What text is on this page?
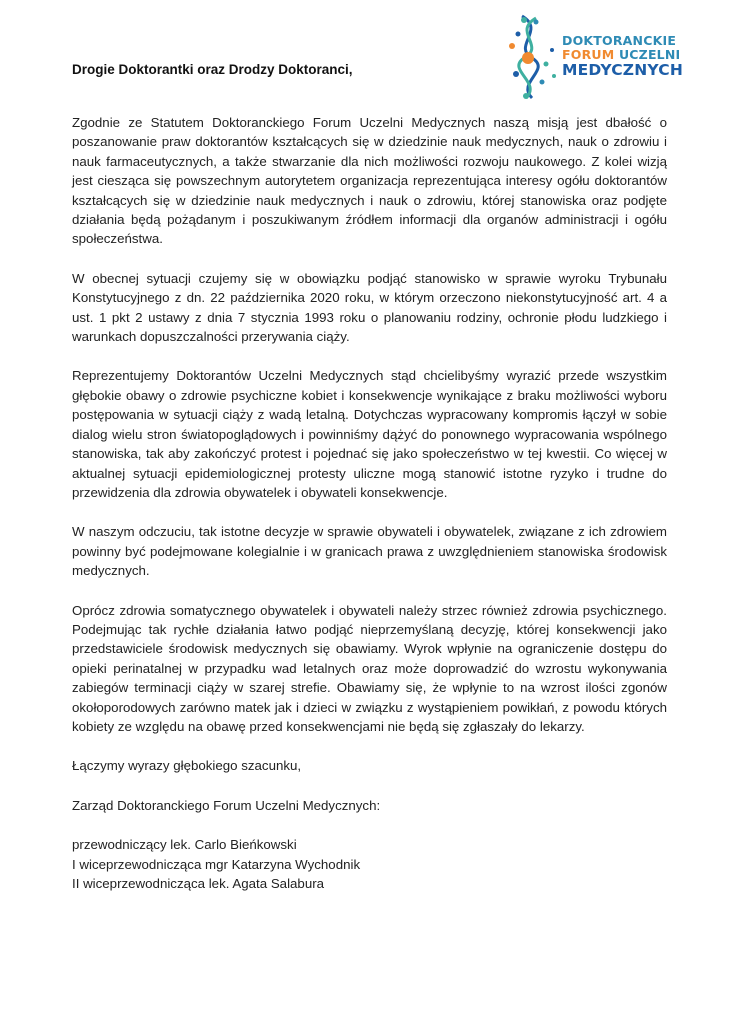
DOKTORANCKIE
FORUM UCZELNI
MEDYCZNYCH
Drogie Doktorantki oraz Drodzy Doktoranci,

Zgodnie ze Statutem Doktoranckiego Forum Uczelni Medycznych naszą misją jest dbałość o poszanowanie praw doktorantów kształcących się w dziedzinie nauk medycznych, nauk o zdrowiu i nauk farmaceutycznych, a także stwarzanie dla nich możliwości rozwoju naukowego. Z kolei wizją jest ciesząca się powszechnym autorytetem organizacja reprezentująca interesy ogółu doktorantów kształcących się w dziedzinie nauk medycznych i nauk o zdrowiu, której stanowiska oraz podjęte działania będą pożądanym i poszukiwanym źródłem informacji dla organów administracji i ogółu społeczeństwa.

W obecnej sytuacji czujemy się w obowiązku podjąć stanowisko w sprawie wyroku Trybunału Konstytucyjnego z dn. 22 października 2020 roku, w którym orzeczono niekonstytucyjność art. 4 a ust. 1 pkt 2 ustawy z dnia 7 stycznia 1993 roku o planowaniu rodziny, ochronie płodu ludzkiego i warunkach dopuszczalności przerywania ciąży.

Reprezentujemy Doktorantów Uczelni Medycznych stąd chcielibyśmy wyrazić przede wszystkim głębokie obawy o zdrowie psychiczne kobiet i konsekwencje wynikające z braku możliwości wyboru postępowania w sytuacji ciąży z wadą letalną. Dotychczas wypracowany kompromis łączył w sobie dialog wielu stron światopoglądowych i powinniśmy dążyć do ponownego wypracowania wspólnego stanowiska, tak aby zakończyć protest i pojednać się jako społeczeństwo w tej kwestii. Co więcej w aktualnej sytuacji epidemiologicznej protesty uliczne mogą stanowić istotne ryzyko i trudne do przewidzenia dla zdrowia obywatelek i obywateli konsekwencje.

W naszym odczuciu, tak istotne decyzje w sprawie obywateli i obywatelek, związane z ich zdrowiem powinny być podejmowane kolegialnie i w granicach prawa z uwzględnieniem stanowiska środowisk medycznych.

Oprócz zdrowia somatycznego obywatelek i obywateli należy strzec również zdrowia psychicznego. Podejmując tak rychłe działania łatwo podjąć nieprzemyślaną decyzję, której konsekwencji jako przedstawiciele środowisk medycznych się obawiamy. Wyrok wpłynie na ograniczenie dostępu do opieki perinatalnej w przypadku wad letalnych oraz może doprowadzić do wzrostu wykonywania zabiegów terminacji ciąży w szarej strefie. Obawiamy się, że wpłynie to na wzrost ilości zgonów okołoporodowych zarówno matek jak i dzieci w związku z wystąpieniem powikłań, z powodu których kobiety ze względu na obawę przed konsekwencjami nie będą się zgłaszały do lekarzy.

Łączymy wyrazy głębokiego szacunku,

Zarząd Doktoranckiego Forum Uczelni Medycznych:

przewodniczący lek. Carlo Bieńkowski
I wiceprzewodnicząca mgr Katarzyna Wychodnik
II wiceprzewodnicząca lek. Agata Salabura
